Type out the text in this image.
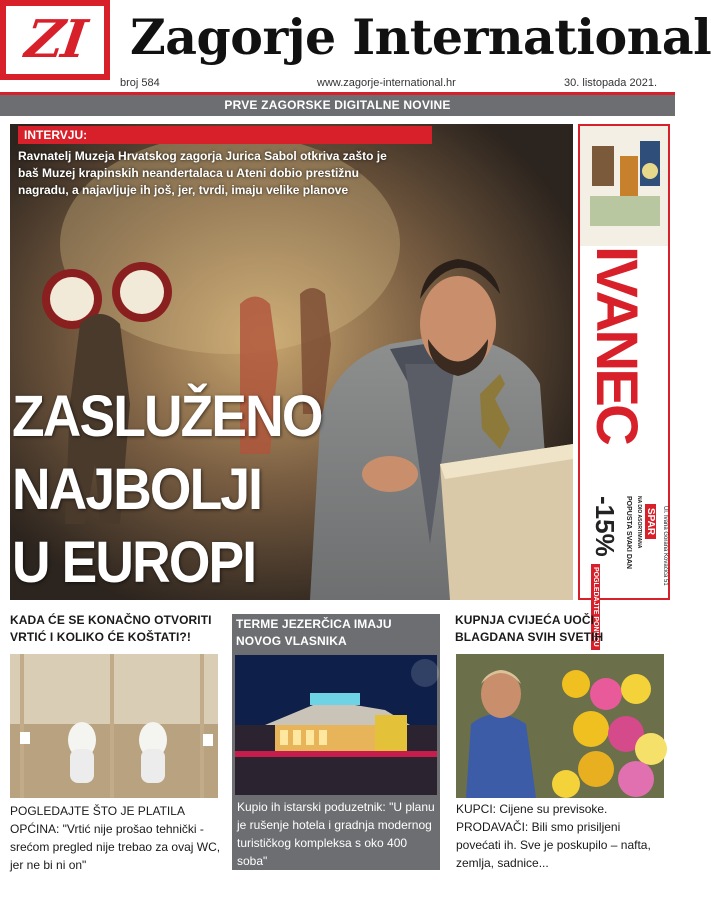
ZI Zagorje International
broj 584	www.zagorje-international.hr	30. listopada 2021.
PRVE ZAGORSKE DIGITALNE NOVINE
INTERVJU:
Ravnatelj Muzeja Hrvatskog zagorja Jurica Sabol otkriva zašto je baš Muzej krapinskih neandertalaca u Ateni dobio prestižnu nagradu, a najavljuje ih još, jer, tvrdi, imaju velike planove
ZASLUŽENO
NAJBOLJI
U EUROPI
IVANEC
-15% POPUSTA SVAKI DAN NA DIO ASORTIMANA SPAR Ul. Ivana Gorana Kovačića 51
POGLEDAJTE PONUDU
KADA ĆE SE KONAČNO OTVORITI VRTIĆ I KOLIKO ĆE KOŠTATI?!
POGLEDAJTE ŠTO JE PLATILA OPĆINA: "Vrtić nije prošao tehnički - srećom pregled nije trebao za ovaj WC, jer ne bi ni on"
TERME JEZERČICA IMAJU NOVOG VLASNIKA
Kupio ih istarski poduzetnik: "U planu je rušenje hotela i gradnja modernog turističkog kompleksa s oko 400 soba"
KUPNJA CVIJEĆA UOČI BLAGDANA SVIH SVETIH
KUPCI: Cijene su previsoke. PRODAVAČI: Bili smo prisiljeni povećati ih. Sve je poskupilo – nafta, zemlja, sadnice...
